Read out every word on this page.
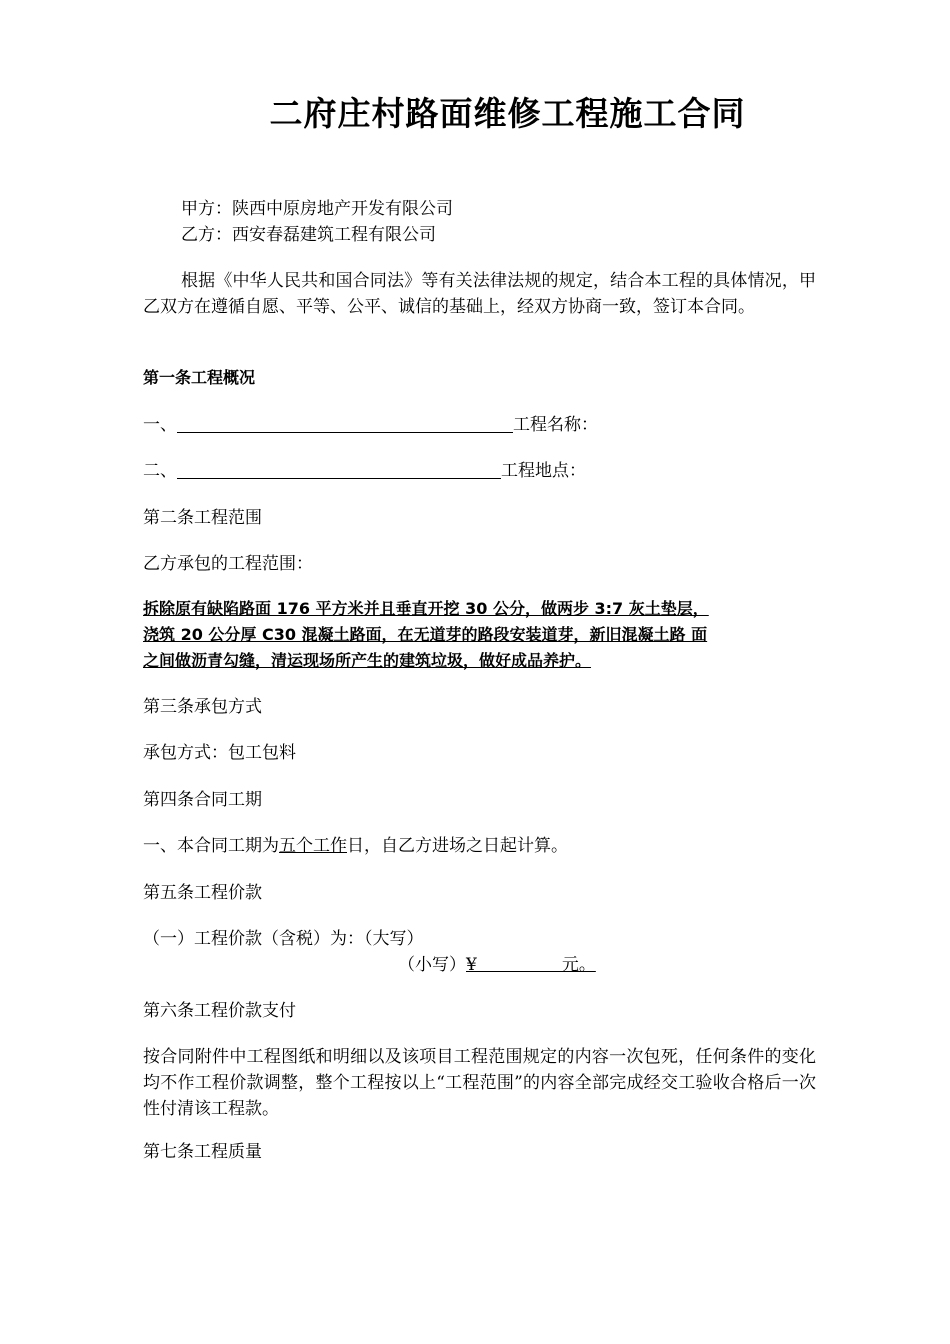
二府庄村路面维修工程施工合同
甲方：陕西中原房地产开发有限公司
乙方：西安春磊建筑工程有限公司
根据《中华人民共和国合同法》等有关法律法规的规定，结合本工程的具体情况，甲乙双方在遵循自愿、平等、公平、诚信的基础上，经双方协商一致，签订本合同。
第一条工程概况
一、	工程名称：
二、	工程地点：
第二条工程范围
乙方承包的工程范围：
拆除原有缺陷路面 176 平方米并且垂直开挖 30 公分，做两步 3:7 灰土垫层，
浇筑 20 公分厚 C30 混凝土路面，在无道芽的路段安装道芽，新旧混凝土路 面
之间做沥青勾缝，清运现场所产生的建筑垃圾，做好成品养护。
第三条承包方式
承包方式：包工包料
第四条合同工期
一、本合同工期为五个工作日，自乙方进场之日起计算。
第五条工程价款
（一）工程价款（含税）为：（大写）
（小写）¥　　　　　元。
第六条工程价款支付
按合同附件中工程图纸和明细以及该项目工程范围规定的内容一次包死，任何条件的变化均不作工程价款调整，整个工程按以上“工程范围”的内容全部完成经交工验收合格后一次性付清该工程款。
第七条工程质量
